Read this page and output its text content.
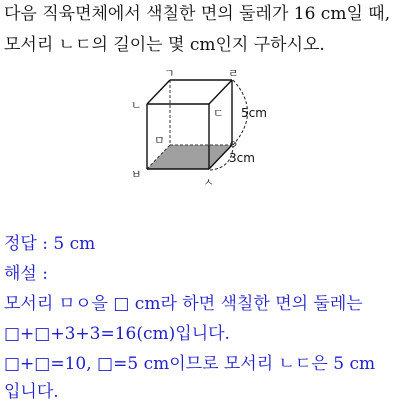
다음 직육면체에서 색칠한 면의 둘레가 16 cm일 때,
모서리 ㄴㄷ의 길이는 몇 cm인지 구하시오.
ㄱ	ㄹ
ㄴ
ㄷ
ㅁ	ㅇ
ㅂ
ㅅ
5cm
3cm
정답 : 5 cm
해설 :
모서리 ㅁㅇ을 □ cm라 하면 색칠한 면의 둘레는
□+□+3+3=16(cm)입니다.
□+□=10, □=5 cm이므로 모서리 ㄴㄷ은 5 cm
입니다.
